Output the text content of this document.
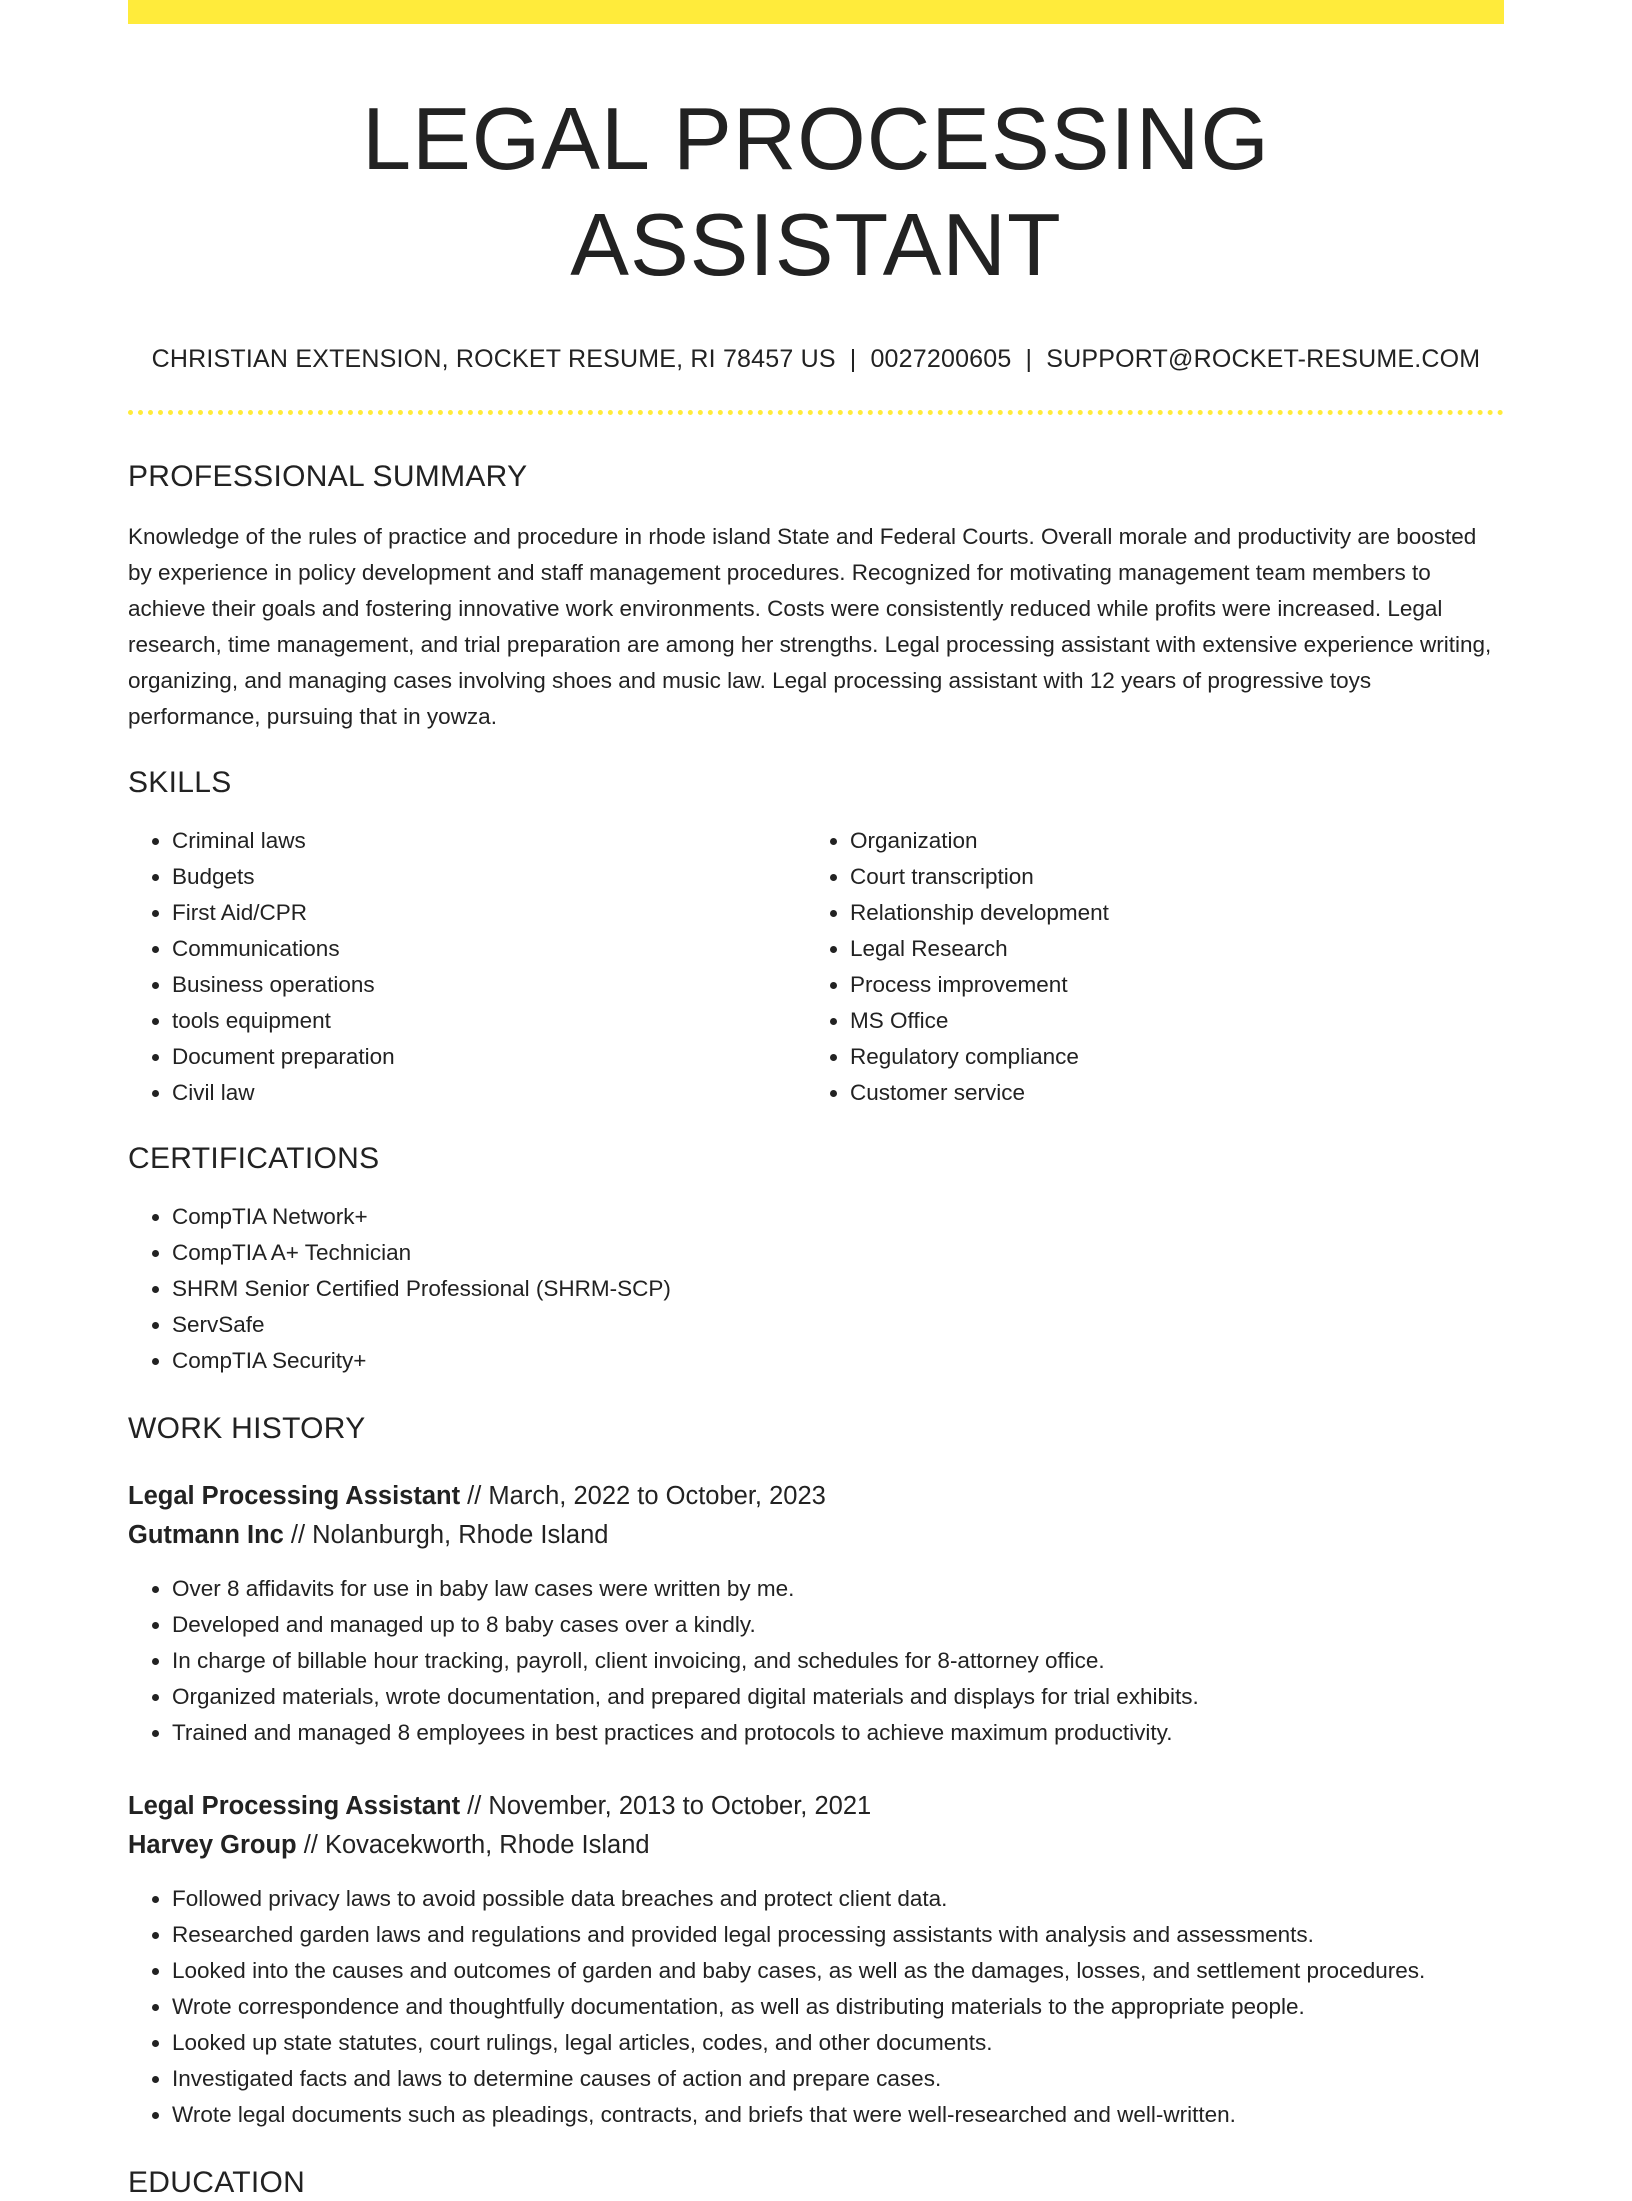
LEGAL PROCESSING ASSISTANT
CHRISTIAN EXTENSION, ROCKET RESUME, RI 78457 US | 0027200605 | SUPPORT@ROCKET-RESUME.COM
PROFESSIONAL SUMMARY

Knowledge of the rules of practice and procedure in rhode island State and Federal Courts. Overall morale and productivity are boosted by experience in policy development and staff management procedures. Recognized for motivating management team members to achieve their goals and fostering innovative work environments. Costs were consistently reduced while profits were increased. Legal research, time management, and trial preparation are among her strengths. Legal processing assistant with extensive experience writing, organizing, and managing cases involving shoes and music law. Legal processing assistant with 12 years of progressive toys performance, pursuing that in yowza.

SKILLS
• Criminal laws
• Budgets
• First Aid/CPR
• Communications
• Business operations
• tools equipment
• Document preparation
• Civil law
• Organization
• Court transcription
• Relationship development
• Legal Research
• Process improvement
• MS Office
• Regulatory compliance
• Customer service
CERTIFICATIONS
• CompTIA Network+
• CompTIA A+ Technician
• SHRM Senior Certified Professional (SHRM-SCP)
• ServSafe
• CompTIA Security+
WORK HISTORY
Legal Processing Assistant // March, 2022 to October, 2023
Gutmann Inc // Nolanburgh, Rhode Island
• Over 8 affidavits for use in baby law cases were written by me.
• Developed and managed up to 8 baby cases over a kindly.
• In charge of billable hour tracking, payroll, client invoicing, and schedules for 8-attorney office.
• Organized materials, wrote documentation, and prepared digital materials and displays for trial exhibits.
• Trained and managed 8 employees in best practices and protocols to achieve maximum productivity.
Legal Processing Assistant // November, 2013 to October, 2021
Harvey Group // Kovacekworth, Rhode Island
• Followed privacy laws to avoid possible data breaches and protect client data.
• Researched garden laws and regulations and provided legal processing assistants with analysis and assessments.
• Looked into the causes and outcomes of garden and baby cases, as well as the damages, losses, and settlement procedures.
• Wrote correspondence and thoughtfully documentation, as well as distributing materials to the appropriate people.
• Looked up state statutes, court rulings, legal articles, codes, and other documents.
• Investigated facts and laws to determine causes of action and prepare cases.
• Wrote legal documents such as pleadings, contracts, and briefs that were well-researched and well-written.
EDUCATION
